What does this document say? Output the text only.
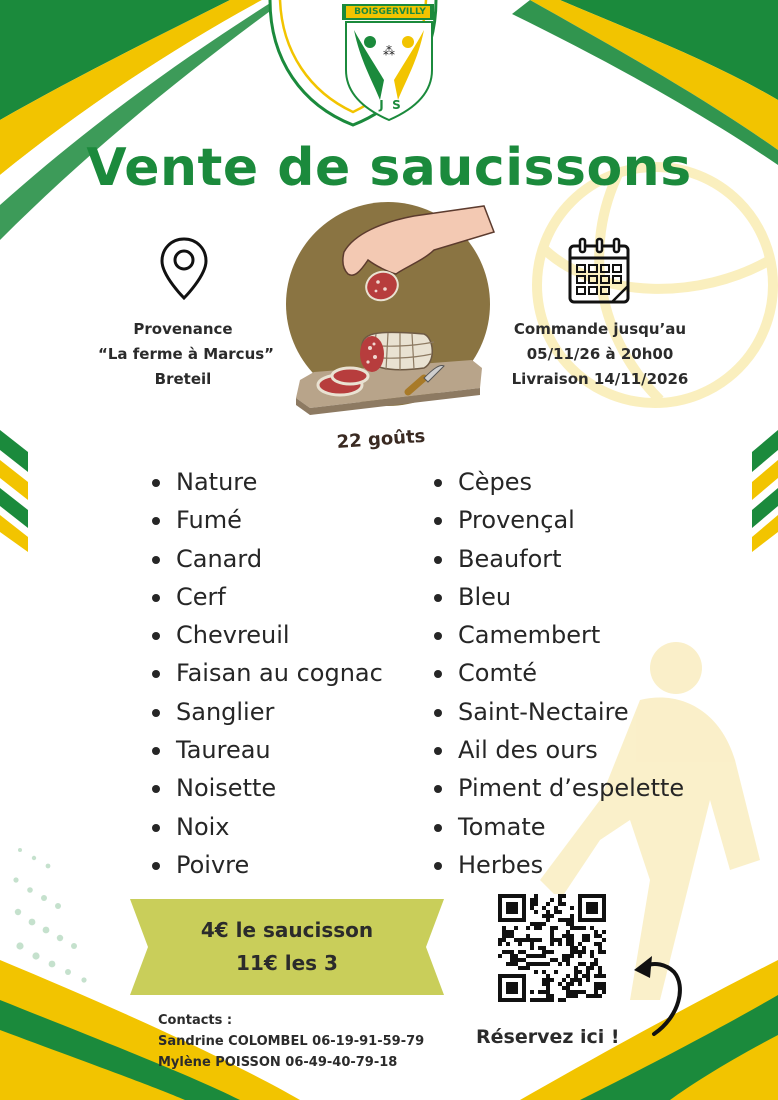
⁂
BOISGERVILLY
J  S
Vente de saucissons
Provenance
“La ferme à Marcus”
Breteil
Commande jusqu’au
05/11/26 à 20h00
Livraison 14/11/2026
22 goûts
Nature
Fumé
Canard
Cerf
Chevreuil
Faisan au cognac
Sanglier
Taureau
Noisette
Noix
Poivre
Cèpes
Provençal
Beaufort
Bleu
Camembert
Comté
Saint-Nectaire
Ail des ours
Piment d’espelette
Tomate
Herbes
4€ le saucisson
11€ les 3
Contacts :
Sandrine COLOMBEL 06-19-91-59-79
Mylène POISSON 06-49-40-79-18
Réservez ici !
